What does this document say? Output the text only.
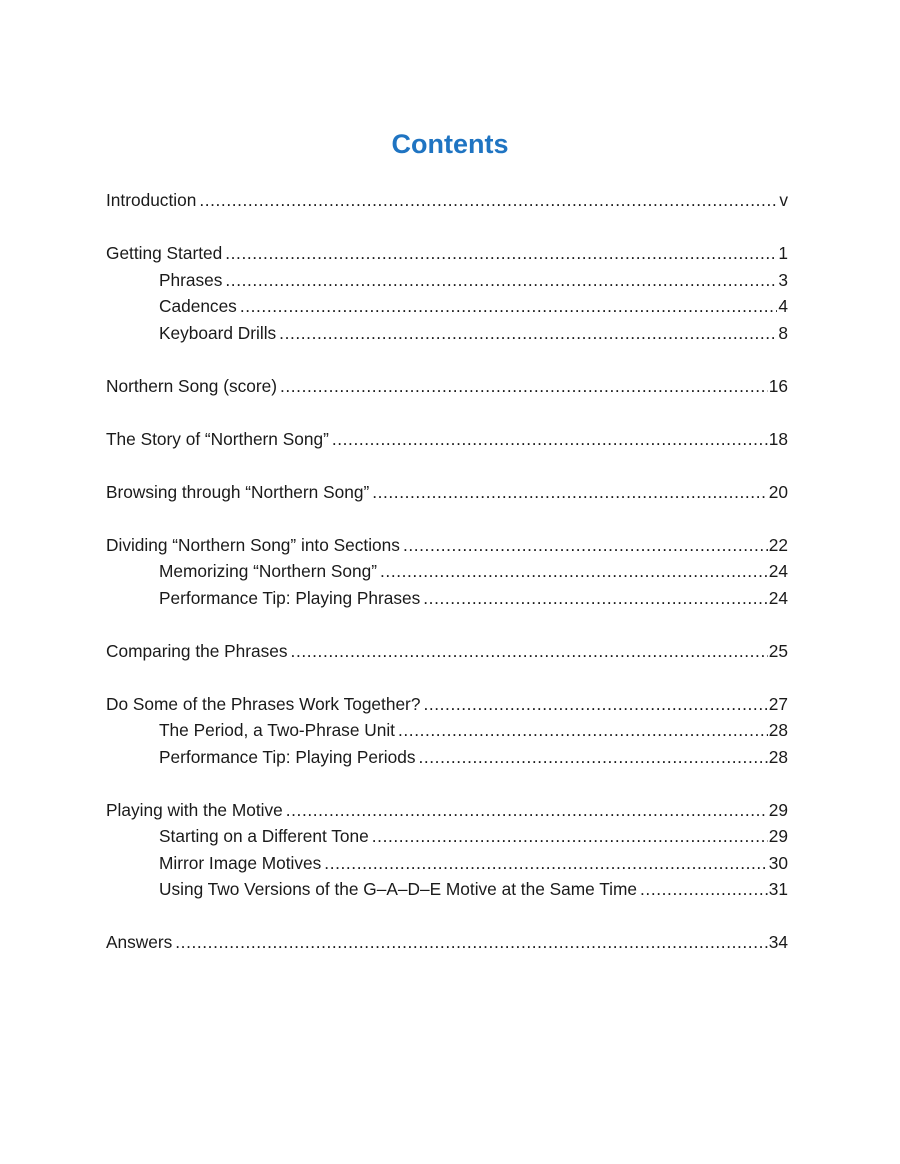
Contents
Introduction .....	v
Getting Started .....	1
Phrases .....	3
Cadences .....	4
Keyboard Drills .....	8
Northern Song (score) .....	16
The Story of “Northern Song” .....	18
Browsing through “Northern Song” .....	20
Dividing “Northern Song” into Sections .....	22
Memorizing “Northern Song” .....	24
Performance Tip: Playing Phrases .....	24
Comparing the Phrases .....	25
Do Some of the Phrases Work Together? .....	27
The Period, a Two-Phrase Unit .....	28
Performance Tip: Playing Periods .....	28
Playing with the Motive .....	29
Starting on a Different Tone .....	29
Mirror Image Motives .....	30
Using Two Versions of the G–A–D–E Motive at the Same Time .....	31
Answers .....	34
